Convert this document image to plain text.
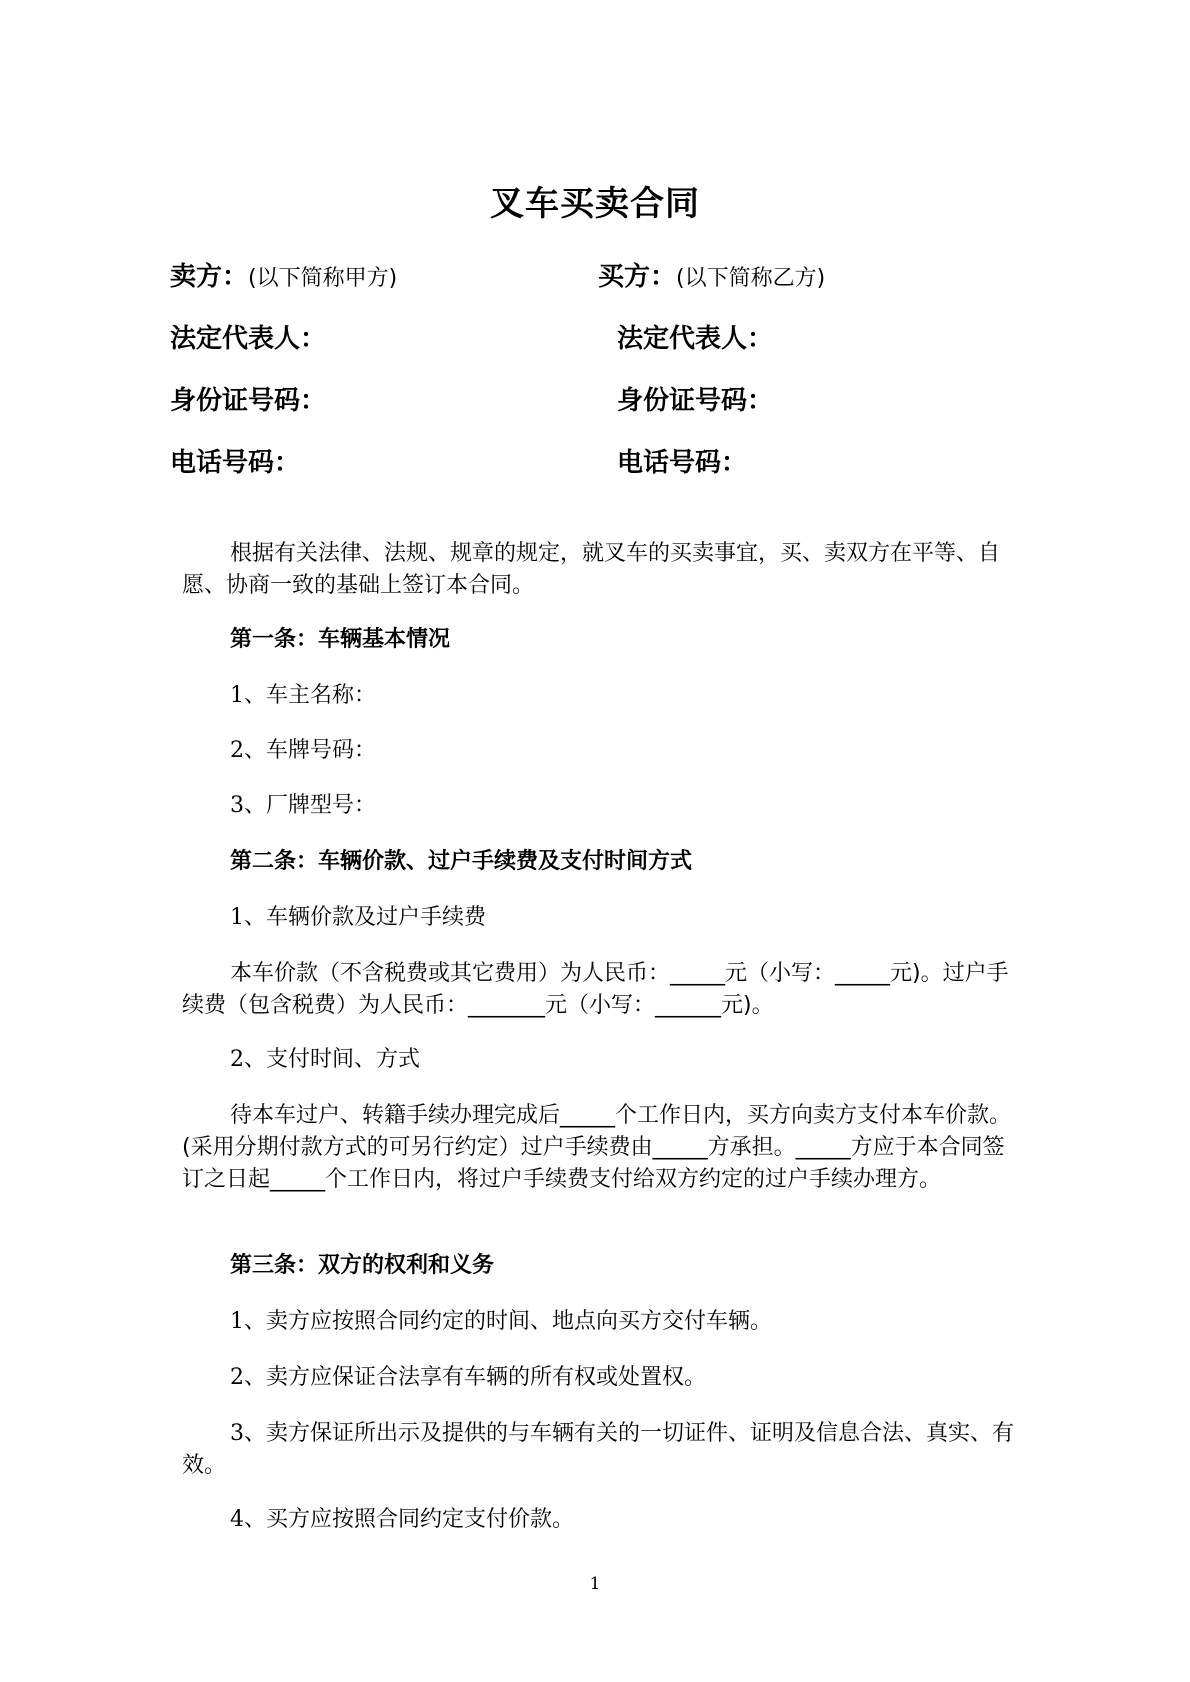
叉车买卖合同
卖方：(以下简称甲方)	买方：(以下简称乙方)
法定代表人：	法定代表人：
身份证号码：	身份证号码：
电话号码：	电话号码：
根据有关法律、法规、规章的规定，就叉车的买卖事宜，买、卖双方在平等、自愿、协商一致的基础上签订本合同。
第一条：车辆基本情况
1、车主名称：
2、车牌号码：
3、厂牌型号：
第二条：车辆价款、过户手续费及支付时间方式
1、车辆价款及过户手续费
本车价款（不含税费或其它费用）为人民币：_____元（小写：_____元)。过户手续费（包含税费）为人民币：_______元（小写：______元)。
2、支付时间、方式
待本车过户、转籍手续办理完成后_____个工作日内，买方向卖方支付本车价款。(采用分期付款方式的可另行约定）过户手续费由_____方承担。_____方应于本合同签订之日起_____个工作日内，将过户手续费支付给双方约定的过户手续办理方。
第三条：双方的权利和义务
1、卖方应按照合同约定的时间、地点向买方交付车辆。
2、卖方应保证合法享有车辆的所有权或处置权。
3、卖方保证所出示及提供的与车辆有关的一切证件、证明及信息合法、真实、有效。
4、买方应按照合同约定支付价款。
1
